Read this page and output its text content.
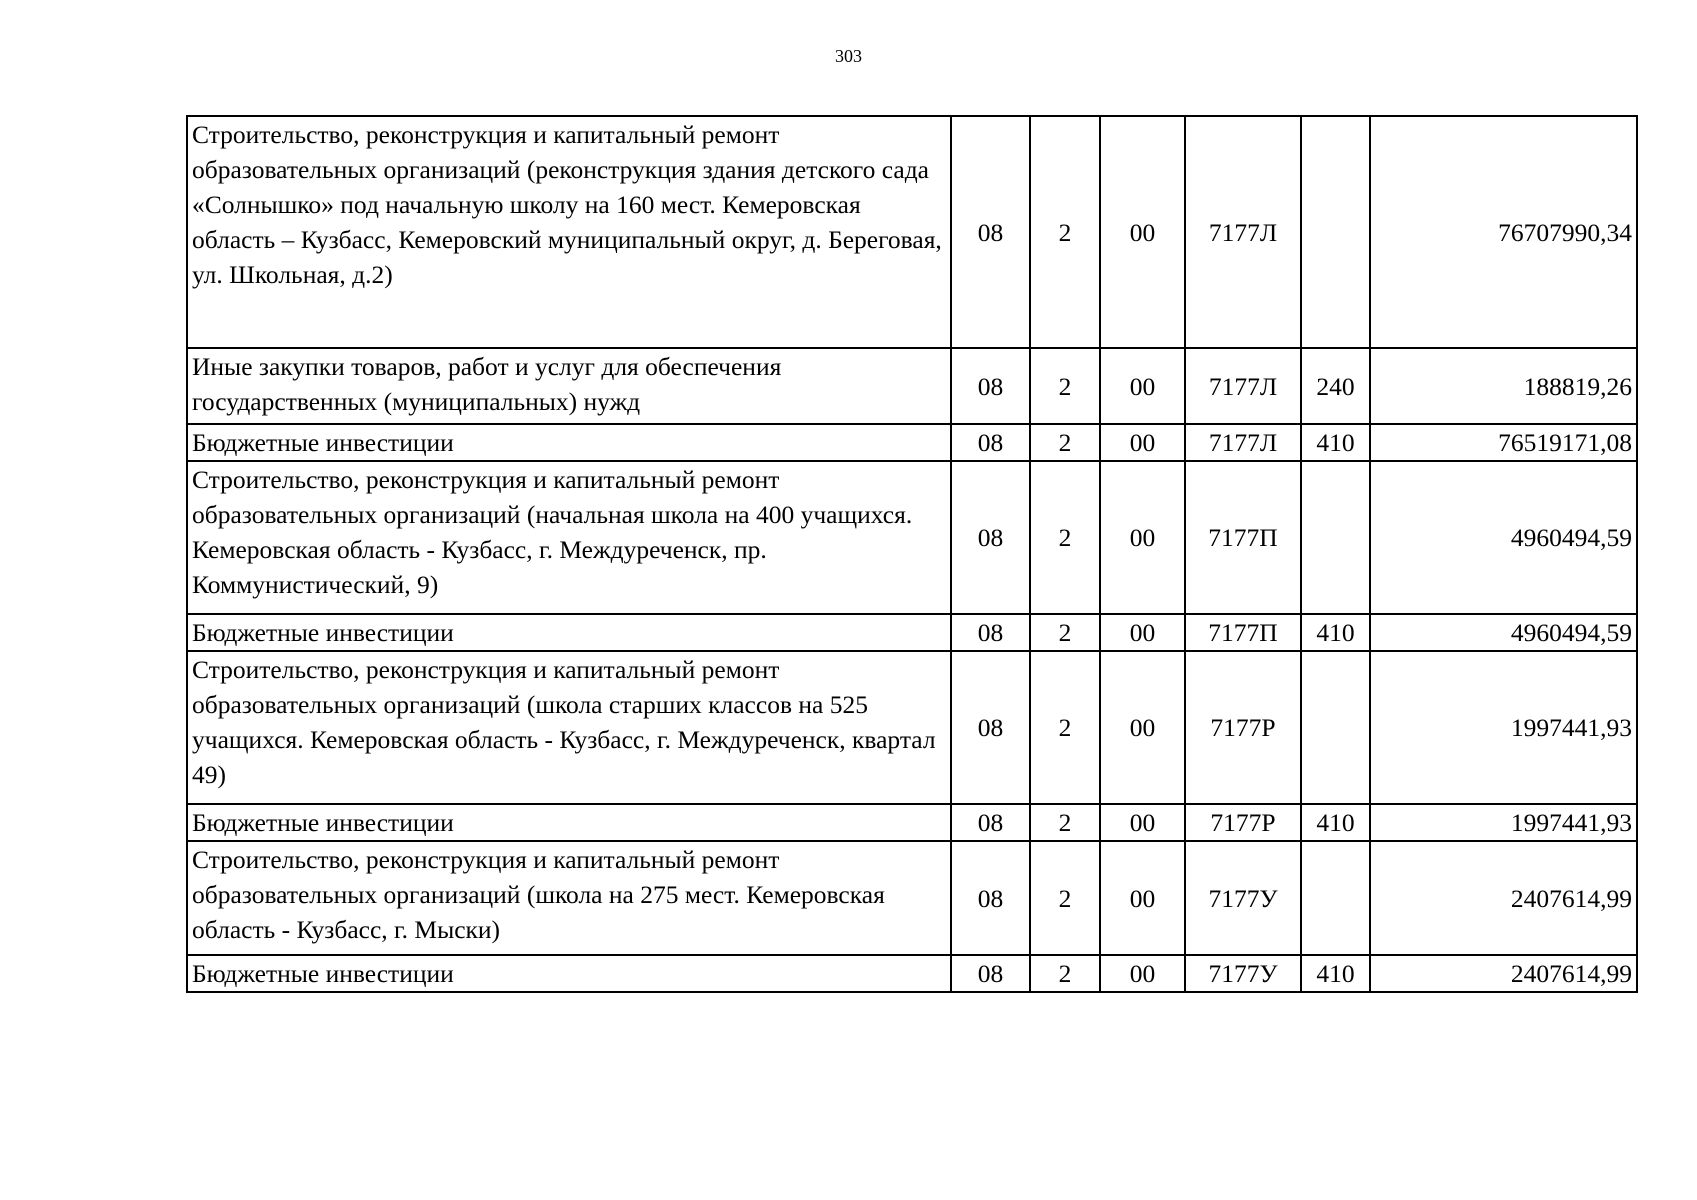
303
Строительство, реконструкция и капитальный ремонт образовательных организаций (реконструкция здания детского сада «Солнышко» под начальную школу на 160 мест. Кемеровская область – Кузбасс, Кемеровский муниципальный округ, д. Береговая, ул. Школьная, д.2)	08	2	00	7177Л		76707990,34
Иные закупки товаров, работ и услуг для обеспечения государственных (муниципальных) нужд	08	2	00	7177Л	240	188819,26
Бюджетные инвестиции	08	2	00	7177Л	410	76519171,08
Строительство, реконструкция и капитальный ремонт образовательных организаций (начальная школа на 400 учащихся. Кемеровская область - Кузбасс, г. Междуреченск, пр. Коммунистический, 9)	08	2	00	7177П		4960494,59
Бюджетные инвестиции	08	2	00	7177П	410	4960494,59
Строительство, реконструкция и капитальный ремонт образовательных организаций (школа старших классов на 525 учащихся. Кемеровская область - Кузбасс, г. Междуреченск, квартал 49)	08	2	00	7177Р		1997441,93
Бюджетные инвестиции	08	2	00	7177Р	410	1997441,93
Строительство, реконструкция и капитальный ремонт образовательных организаций (школа на 275 мест. Кемеровская область - Кузбасс, г. Мыски)	08	2	00	7177У		2407614,99
Бюджетные инвестиции	08	2	00	7177У	410	2407614,99
